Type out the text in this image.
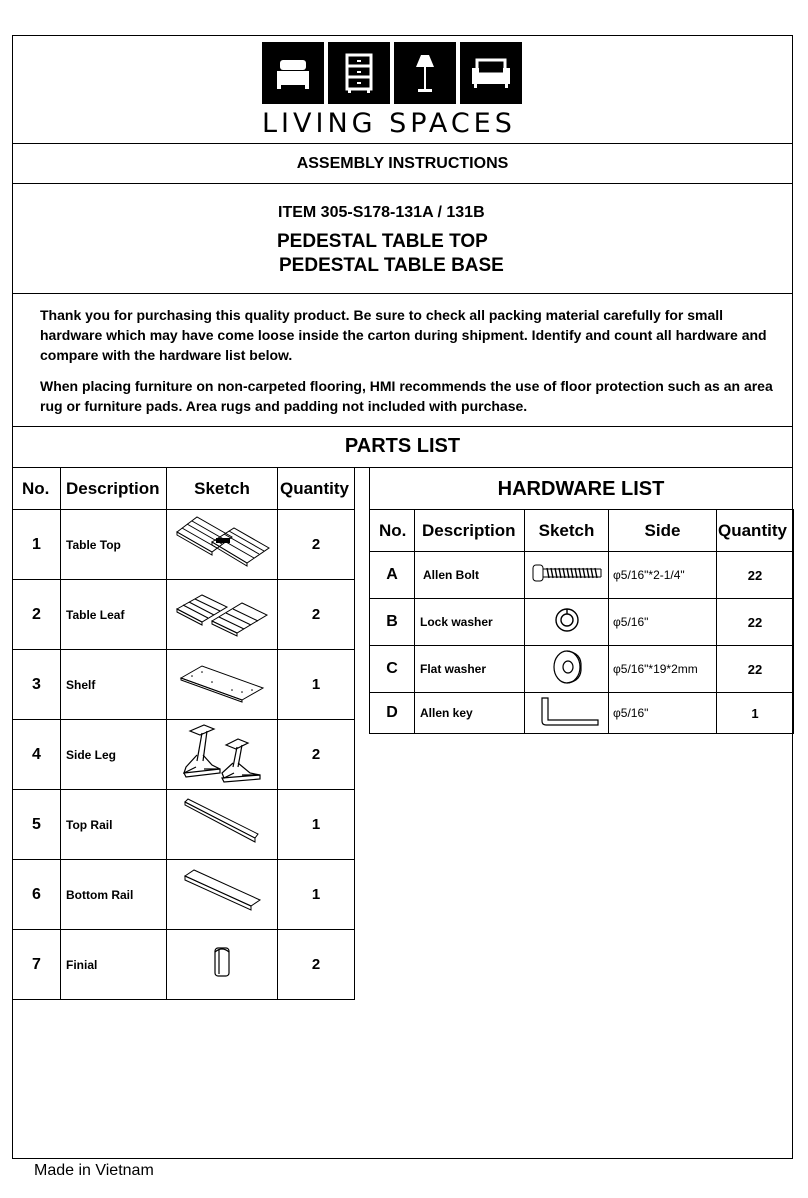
LIVING SPACES
ASSEMBLY INSTRUCTIONS
ITEM 305-S178-131A / 131B
PEDESTAL TABLE TOP
PEDESTAL TABLE BASE
Thank you for purchasing this quality product. Be sure to check all packing material carefully for small hardware which may have come loose inside the carton during shipment. Identify and count all hardware and compare with the hardware list below.
When placing furniture on non-carpeted flooring, HMI recommends the use of floor protection such as an area rug or furniture pads. Area rugs and padding not included with purchase.
PARTS LIST
No.	Description	Sketch	Quantity
1	Table Top		2
2	Table Leaf		2
3	Shelf		1
4	Side Leg		2
5	Top Rail		1
6	Bottom Rail		1
7	Finial		2
HARDWARE LIST
No.	Description	Sketch	Side	Quantity
A	Allen Bolt		φ5/16"*2-1/4"	22
B	Lock washer		φ5/16"	22
C	Flat washer		φ5/16"*19*2mm	22
D	Allen key		φ5/16"	1
Made in Vietnam
